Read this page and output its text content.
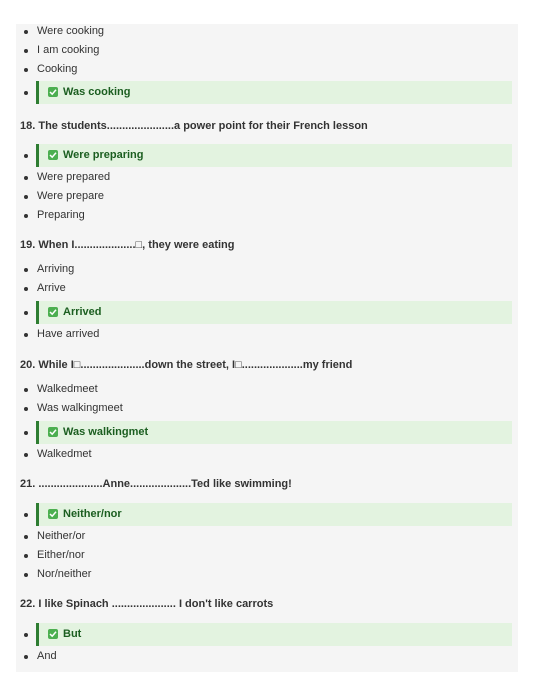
Were cooking
I am cooking
Cooking
Was cooking
18. The students......................a power point for their French lesson
Were preparing
Were prepared
Were prepare
Preparing
19. When I....................□, they were eating
Arriving
Arrive
Arrived
Have arrived
20. While I□.....................down the street, I□....................my friend
Walkedmeet
Was walkingmeet
Was walkingmet
Walkedmet
21. .....................Anne....................Ted like swimming!
Neither/nor
Neither/or
Either/nor
Nor/neither
22. I like Spinach ..................... I don't like carrots
But
And
